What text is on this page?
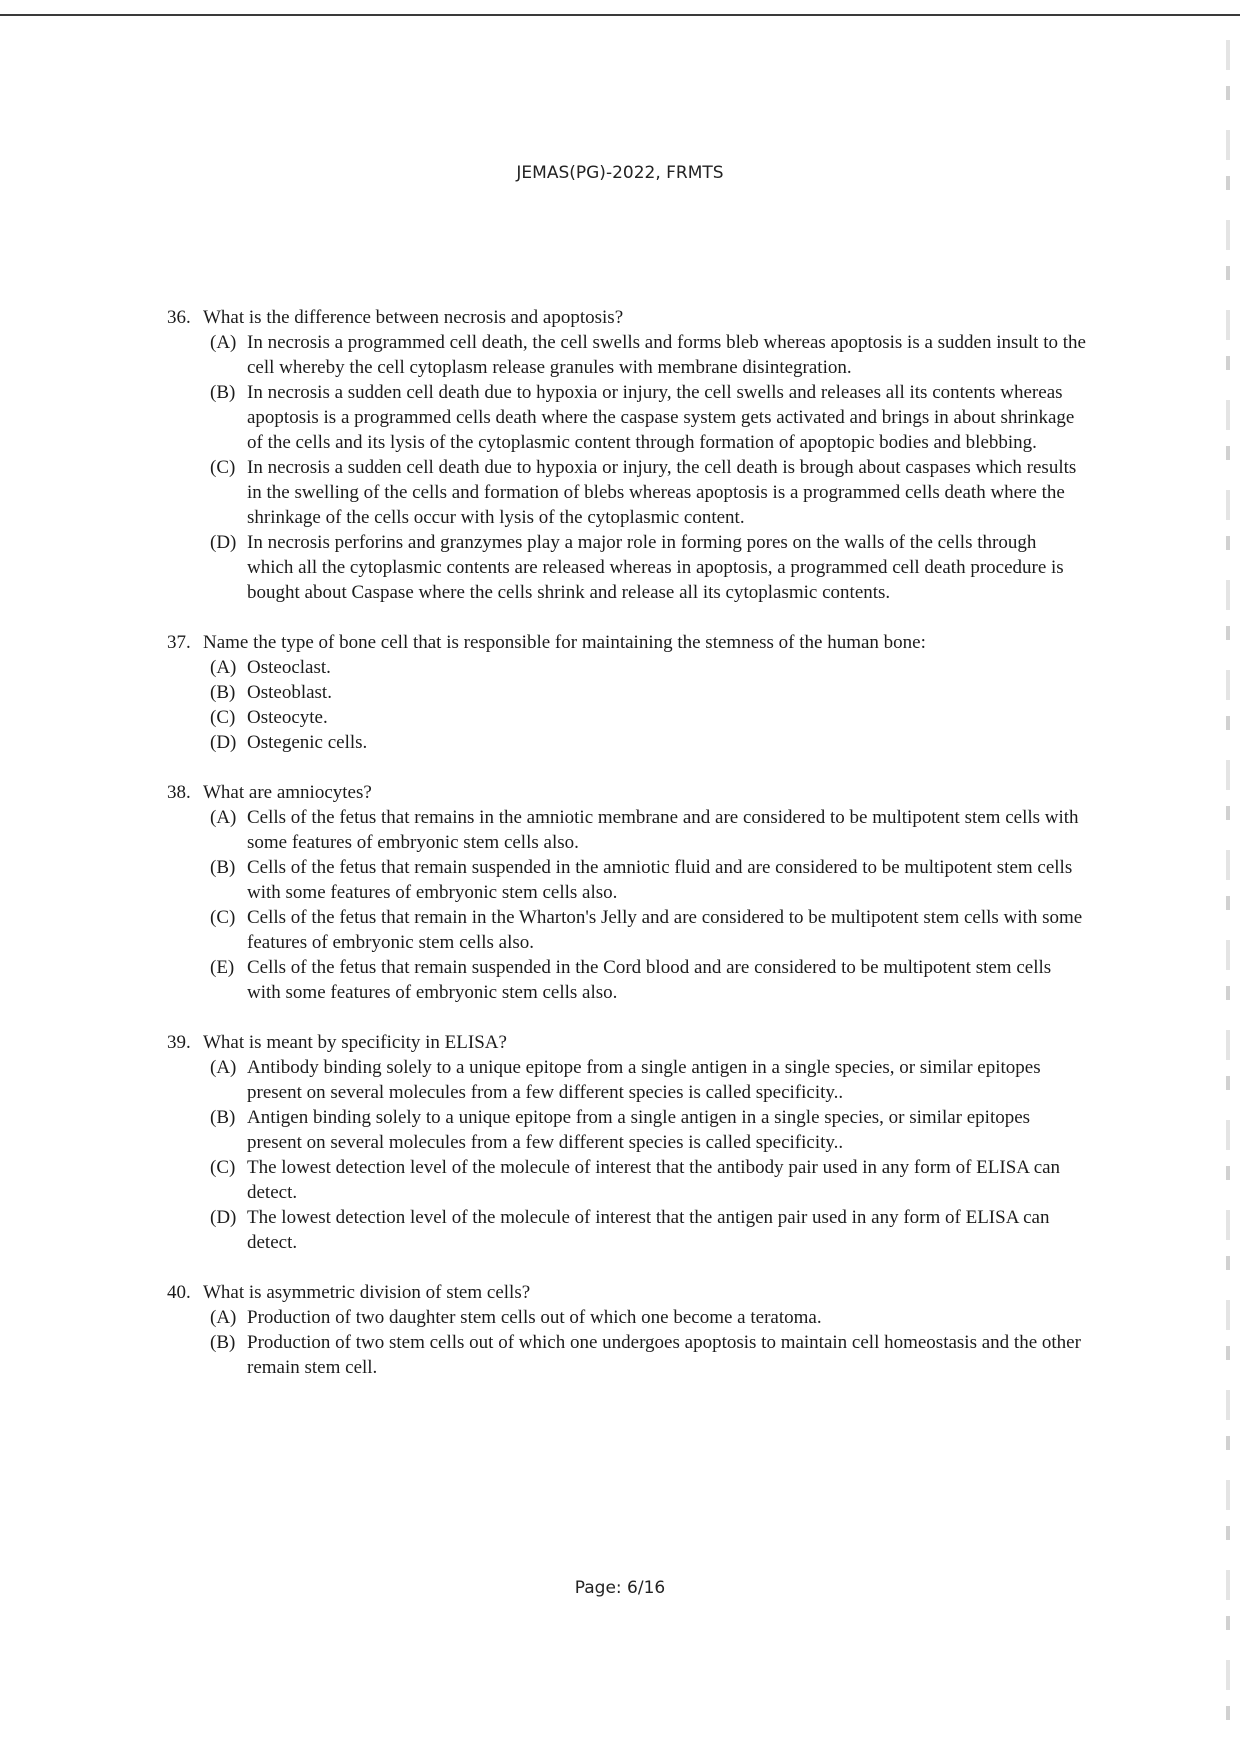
JEMAS(PG)-2022, FRMTS
36. What is the difference between necrosis and apoptosis?
(A) In necrosis a programmed cell death, the cell swells and forms bleb whereas apoptosis is a sudden insult to the cell whereby the cell cytoplasm release granules with membrane disintegration.
(B) In necrosis a sudden cell death due to hypoxia or injury, the cell swells and releases all its contents whereas apoptosis is a programmed cells death where the caspase system gets activated and brings in about shrinkage of the cells and its lysis of the cytoplasmic content through formation of apoptopic bodies and blebbing.
(C) In necrosis a sudden cell death due to hypoxia or injury, the cell death is brough about caspases which results in the swelling of the cells and formation of blebs whereas apoptosis is a programmed cells death where the shrinkage of the cells occur with lysis of the cytoplasmic content.
(D) In necrosis perforins and granzymes play a major role in forming pores on the walls of the cells through which all the cytoplasmic contents are released whereas in apoptosis, a programmed cell death procedure is bought about Caspase where the cells shrink and release all its cytoplasmic contents.
37. Name the type of bone cell that is responsible for maintaining the stemness of the human bone:
(A) Osteoclast.
(B) Osteoblast.
(C) Osteocyte.
(D) Ostegenic cells.
38. What are amniocytes?
(A) Cells of the fetus that remains in the amniotic membrane and are considered to be multipotent stem cells with some features of embryonic stem cells also.
(B) Cells of the fetus that remain suspended in the amniotic fluid and are considered to be multipotent stem cells with some features of embryonic stem cells also.
(C) Cells of the fetus that remain in the Wharton's Jelly and are considered to be multipotent stem cells with some features of embryonic stem cells also.
(E) Cells of the fetus that remain suspended in the Cord blood and are considered to be multipotent stem cells with some features of embryonic stem cells also.
39. What is meant by specificity in ELISA?
(A) Antibody binding solely to a unique epitope from a single antigen in a single species, or similar epitopes present on several molecules from a few different species is called specificity..
(B) Antigen binding solely to a unique epitope from a single antigen in a single species, or similar epitopes present on several molecules from a few different species is called specificity..
(C) The lowest detection level of the molecule of interest that the antibody pair used in any form of ELISA can detect.
(D) The lowest detection level of the molecule of interest that the antigen pair used in any form of ELISA can detect.
40. What is asymmetric division of stem cells?
(A) Production of two daughter stem cells out of which one become a teratoma.
(B) Production of two stem cells out of which one undergoes apoptosis to maintain cell homeostasis and the other remain stem cell.
Page: 6/16
